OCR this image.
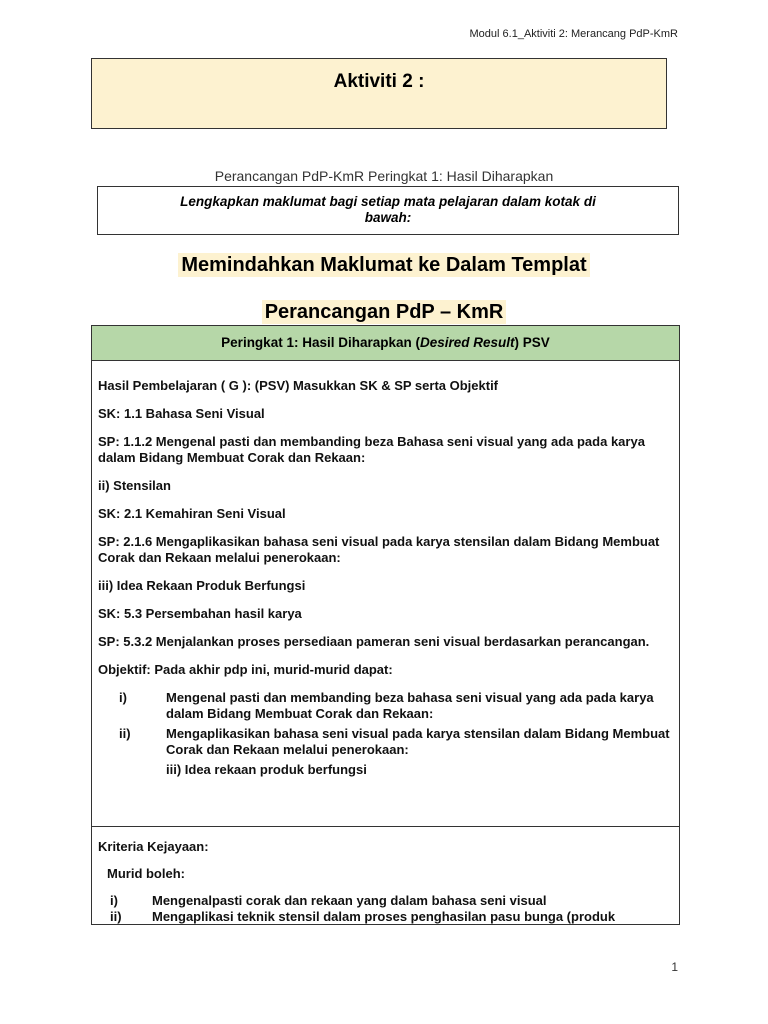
Modul 6.1_Aktiviti 2: Merancang PdP-KmR
Aktiviti 2 :
Perancangan PdP-KmR Peringkat 1: Hasil Diharapkan
Lengkapkan maklumat bagi setiap mata pelajaran dalam kotak di bawah:
Memindahkan Maklumat ke Dalam Templat
Perancangan PdP – KmR
Peringkat 1: Hasil Diharapkan (Desired Result) PSV

Hasil Pembelajaran ( G ): (PSV) Masukkan SK & SP serta Objektif

SK: 1.1 Bahasa Seni Visual

SP: 1.1.2 Mengenal pasti dan membanding beza Bahasa seni visual yang ada pada karya dalam Bidang Membuat Corak dan Rekaan:

ii) Stensilan

SK: 2.1 Kemahiran Seni Visual

SP: 2.1.6 Mengaplikasikan bahasa seni visual pada karya stensilan dalam Bidang Membuat Corak dan Rekaan melalui penerokaan:

iii) Idea Rekaan Produk Berfungsi

SK: 5.3 Persembahan hasil karya

SP: 5.3.2 Menjalankan proses persediaan pameran seni visual berdasarkan perancangan.

Objektif: Pada akhir pdp ini, murid-murid dapat:

i)	Mengenal pasti dan membanding beza bahasa seni visual yang ada pada karya dalam Bidang Membuat Corak dan Rekaan:
ii)	Mengaplikasikan bahasa seni visual pada karya stensilan dalam Bidang Membuat Corak dan Rekaan melalui penerokaan:
iii) Idea rekaan produk berfungsi

Kriteria Kejayaan:

Murid boleh:

i)	Mengenalpasti corak dan rekaan yang dalam bahasa seni visual
ii)	Mengaplikasi teknik stensil dalam proses penghasilan pasu bunga (produk
1
